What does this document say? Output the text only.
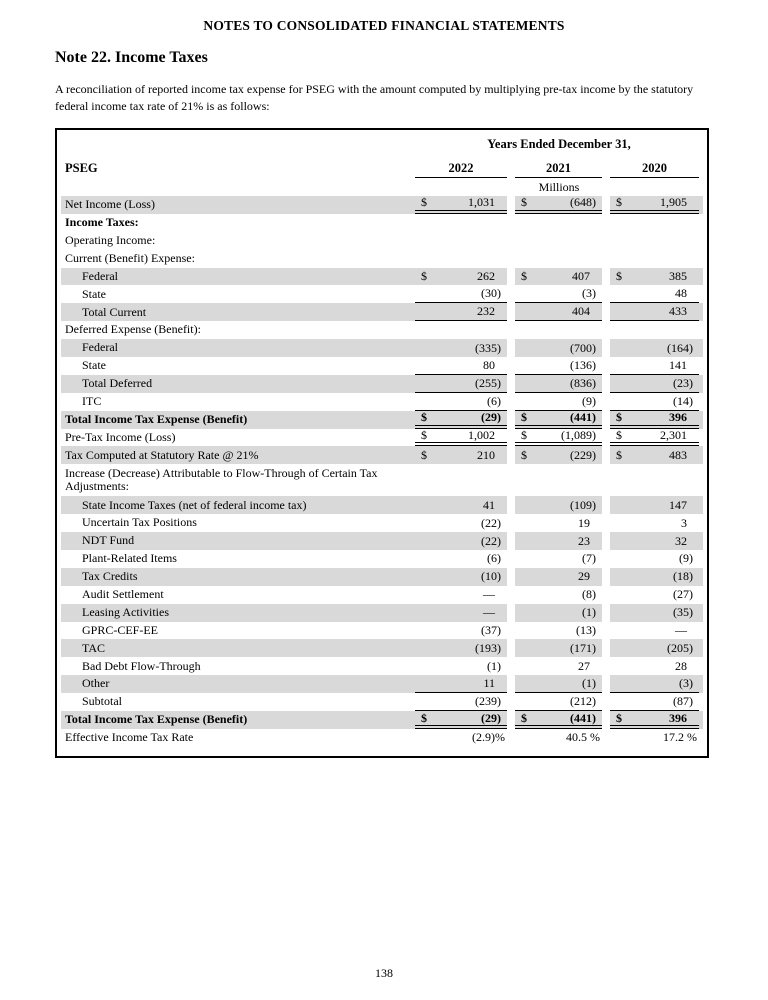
NOTES TO CONSOLIDATED FINANCIAL STATEMENTS
Note 22. Income Taxes
A reconciliation of reported income tax expense for PSEG with the amount computed by multiplying pre-tax income by the statutory federal income tax rate of 21% is as follows:
Years Ended December 31,
PSEG	2022	2021	2020
Millions
Net Income (Loss)	$	1,031	$	(648)	$	1,905
Income Taxes:
Operating Income:
Current (Benefit) Expense:
Federal	$	262	$	407	$	385
State	(30)	(3)	48
Total Current	232	404	433
Deferred Expense (Benefit):
Federal	(335)	(700)	(164)
State	80	(136)	141
Total Deferred	(255)	(836)	(23)
ITC	(6)	(9)	(14)
Total Income Tax Expense (Benefit)	$	(29)	$	(441)	$	396
Pre-Tax Income (Loss)	$	1,002	$	(1,089)	$	2,301
Tax Computed at Statutory Rate @ 21%	$	210	$	(229)	$	483
Increase (Decrease) Attributable to Flow-Through of Certain Tax Adjustments:
State Income Taxes (net of federal income tax)	41	(109)	147
Uncertain Tax Positions	(22)	19	3
NDT Fund	(22)	23	32
Plant-Related Items	(6)	(7)	(9)
Tax Credits	(10)	29	(18)
Audit Settlement	—	(8)	(27)
Leasing Activities	—	(1)	(35)
GPRC-CEF-EE	(37)	(13)	—
TAC	(193)	(171)	(205)
Bad Debt Flow-Through	(1)	27	28
Other	11	(1)	(3)
Subtotal	(239)	(212)	(87)
Total Income Tax Expense (Benefit)	$	(29)	$	(441)	$	396
Effective Income Tax Rate	(2.9)%	40.5 %	17.2 %
138
